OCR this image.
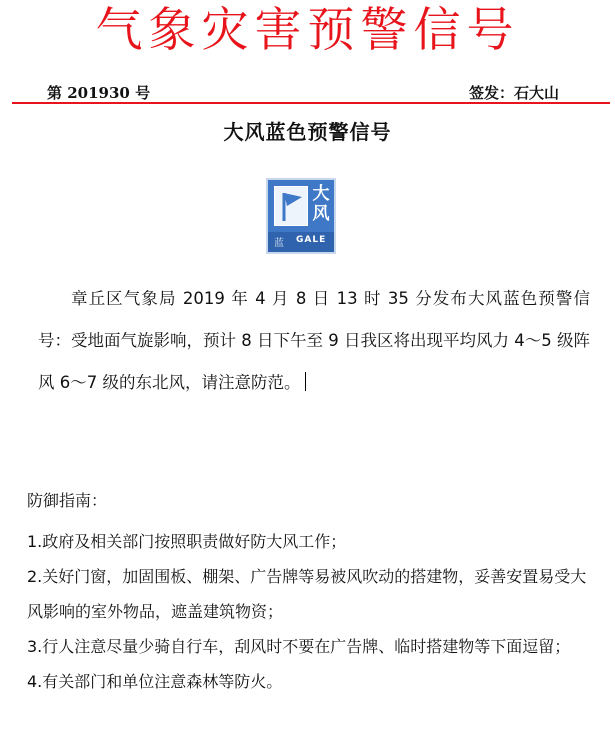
气象灾害预警信号
第 201930 号	签发：石大山
大风蓝色预警信号
大风
蓝 GALE
章丘区气象局 2019 年 4 月 8 日 13 时 35 分发布大风蓝色预警信号：受地面气旋影响，预计 8 日下午至 9 日我区将出现平均风力 4～5 级阵风 6～7 级的东北风，请注意防范。
防御指南：
1.政府及相关部门按照职责做好防大风工作；
2.关好门窗，加固围板、棚架、广告牌等易被风吹动的搭建物，妥善安置易受大风影响的室外物品，遮盖建筑物资；
3.行人注意尽量少骑自行车，刮风时不要在广告牌、临时搭建物等下面逗留；
4.有关部门和单位注意森林等防火。
